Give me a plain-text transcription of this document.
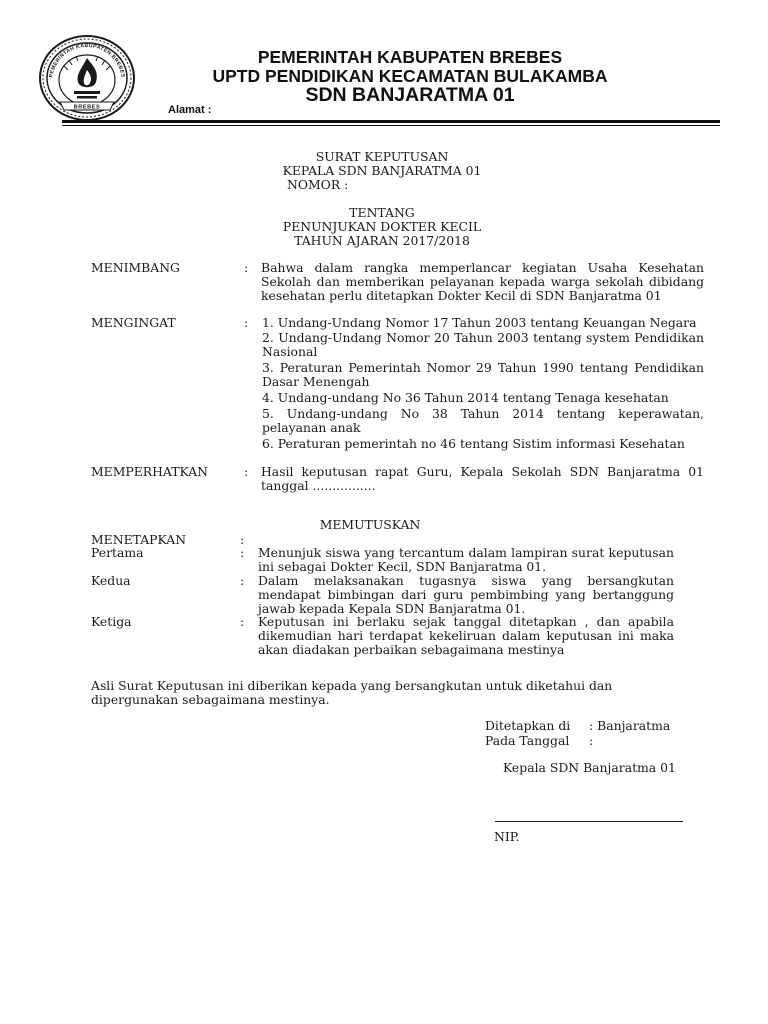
PEMERINTAH KABUPATEN BREBES
BREBES
PEMERINTAH KABUPATEN BREBES
UPTD PENDIDIKAN KECAMATAN BULAKAMBA
SDN BANJARATMA 01
Alamat :
SURAT KEPUTUSAN
KEPALA SDN BANJARATMA 01
NOMOR :
TENTANG
PENUNJUKAN DOKTER KECIL
TAHUN AJARAN 2017/2018
MENIMBANG	: Bahwa dalam rangka memperlancar kegiatan Usaha Kesehatan Sekolah dan memberikan pelayanan kepada warga sekolah dibidang kesehatan perlu ditetapkan Dokter Kecil di SDN Banjaratma 01
MENGINGAT	: 1. Undang-Undang Nomor 17 Tahun 2003 tentang Keuangan Negara
2. Undang-Undang Nomor 20 Tahun 2003 tentang system Pendidikan Nasional
3. Peraturan Pemerintah Nomor 29 Tahun 1990 tentang Pendidikan Dasar Menengah
4. Undang-undang No 36 Tahun 2014 tentang Tenaga kesehatan
5. Undang-undang No 38 Tahun 2014 tentang keperawatan, pelayanan anak
6. Peraturan pemerintah no 46 tentang Sistim informasi Kesehatan
MEMPERHATKAN	: Hasil keputusan rapat Guru, Kepala Sekolah SDN Banjaratma 01 tanggal ................
MEMUTUSKAN
MENETAPKAN	:
Pertama	: Menunjuk siswa yang tercantum dalam lampiran surat keputusan ini sebagai Dokter Kecil, SDN Banjaratma 01.
Kedua	: Dalam melaksanakan tugasnya siswa yang bersangkutan mendapat bimbingan dari guru pembimbing yang bertanggung jawab kepada Kepala SDN Banjaratma 01.
Ketiga	: Keputusan ini berlaku sejak tanggal ditetapkan , dan apabila dikemudian hari terdapat kekeliruan dalam keputusan ini maka akan diadakan perbaikan sebagaimana mestinya
Asli Surat Keputusan ini diberikan kepada yang bersangkutan untuk diketahui dan dipergunakan sebagaimana mestinya.
Ditetapkan di : Banjaratma
Pada Tanggal :
Kepala SDN Banjaratma 01
NIP.
